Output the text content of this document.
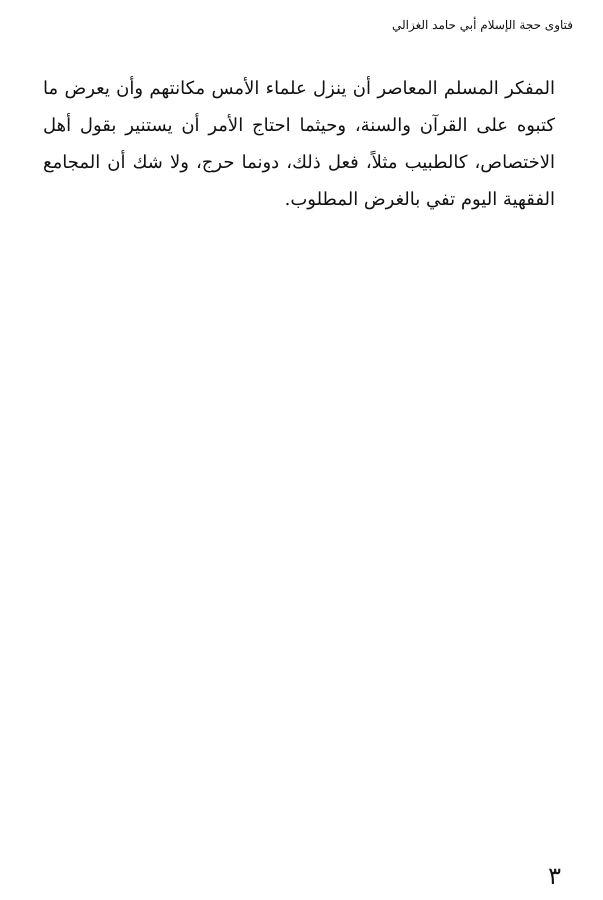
فتاوى حجة الإسلام أبي حامد الغزالي

المفكر المسلم المعاصر أن ينزل علماء الأمس مكانتهم وأن يعرض ما كتبوه على القرآن والسنة، وحيثما احتاج الأمر أن يستنير بقول أهل الاختصاص، كالطبيب مثلاً، فعل ذلك، دونما حرج، ولا شك أن المجامع الفقهية اليوم تفي بالغرض المطلوب.

٣
